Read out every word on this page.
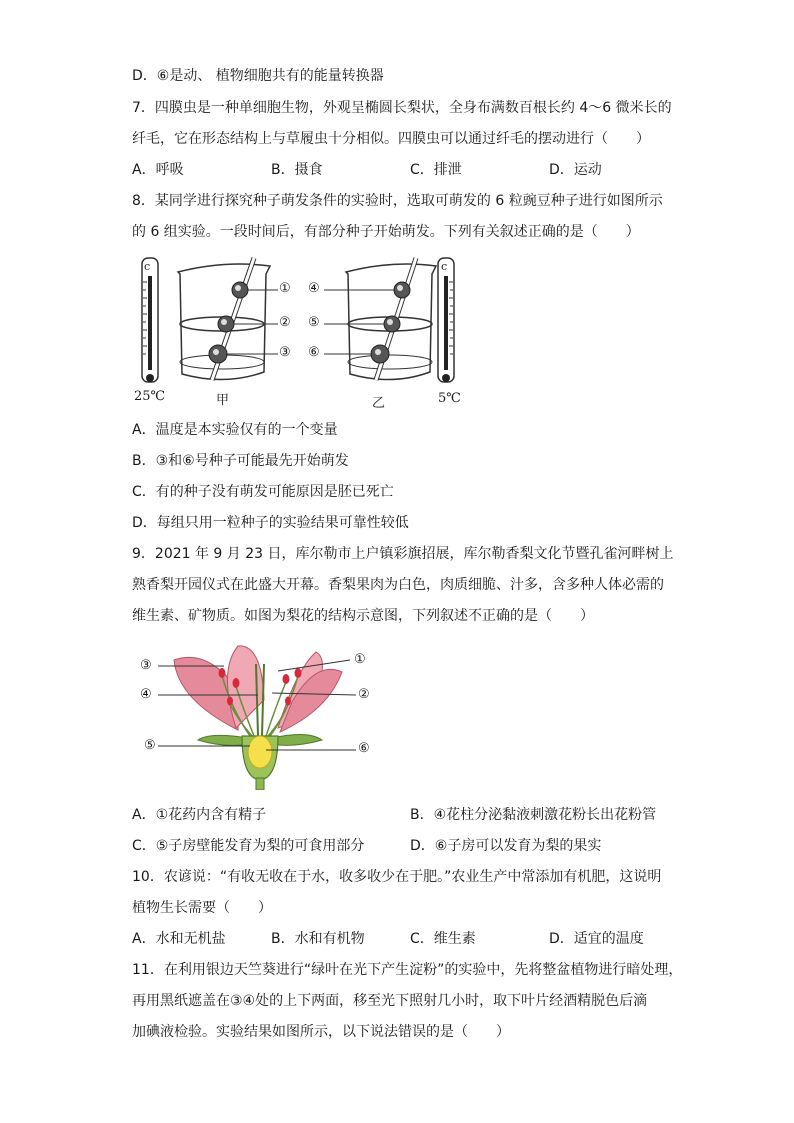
D．⑥是动、 植物细胞共有的能量转换器
7．四膜虫是一种单细胞生物，外观呈椭圆长梨状，全身布满数百根长约 4～6 微米长的
纤毛，它在形态结构上与草履虫十分相似。四膜虫可以通过纤毛的摆动进行（　　）
A．呼吸	B．摄食	C．排泄	D．运动
8．某同学进行探究种子萌发条件的实验时，选取可萌发的 6 粒豌豆种子进行如图所示
的 6 组实验。一段时间后，有部分种子开始萌发。下列有关叙述正确的是（　　）
c	c
①
②
③
④
⑤
⑥
25℃	甲	乙	5℃
A．温度是本实验仅有的一个变量
B．③和⑥号种子可能最先开始萌发
C．有的种子没有萌发可能原因是胚已死亡
D．每组只用一粒种子的实验结果可靠性较低
9．2021 年 9 月 23 日，库尔勒市上户镇彩旗招展，库尔勒香梨文化节暨孔雀河畔树上
熟香梨开园仪式在此盛大开幕。香梨果肉为白色，肉质细脆、汁多，含多种人体必需的
维生素、矿物质。如图为梨花的结构示意图，下列叙述不正确的是（　　）
③
④
⑤
①
②
⑥
A．①花药内含有精子	B．④花柱分泌黏液刺激花粉长出花粉管
C．⑤子房壁能发育为梨的可食用部分	D．⑥子房可以发育为梨的果实
10．农谚说：“有收无收在于水，收多收少在于肥。”农业生产中常添加有机肥，这说明
植物生长需要（　　）
A．水和无机盐	B．水和有机物	C．维生素	D．适宜的温度
11．在利用银边天竺葵进行“绿叶在光下产生淀粉”的实验中，先将整盆植物进行暗处理，
再用黑纸遮盖在③④处的上下两面，移至光下照射几小时，取下叶片经酒精脱色后滴
加碘液检验。实验结果如图所示，以下说法错误的是（　　）
